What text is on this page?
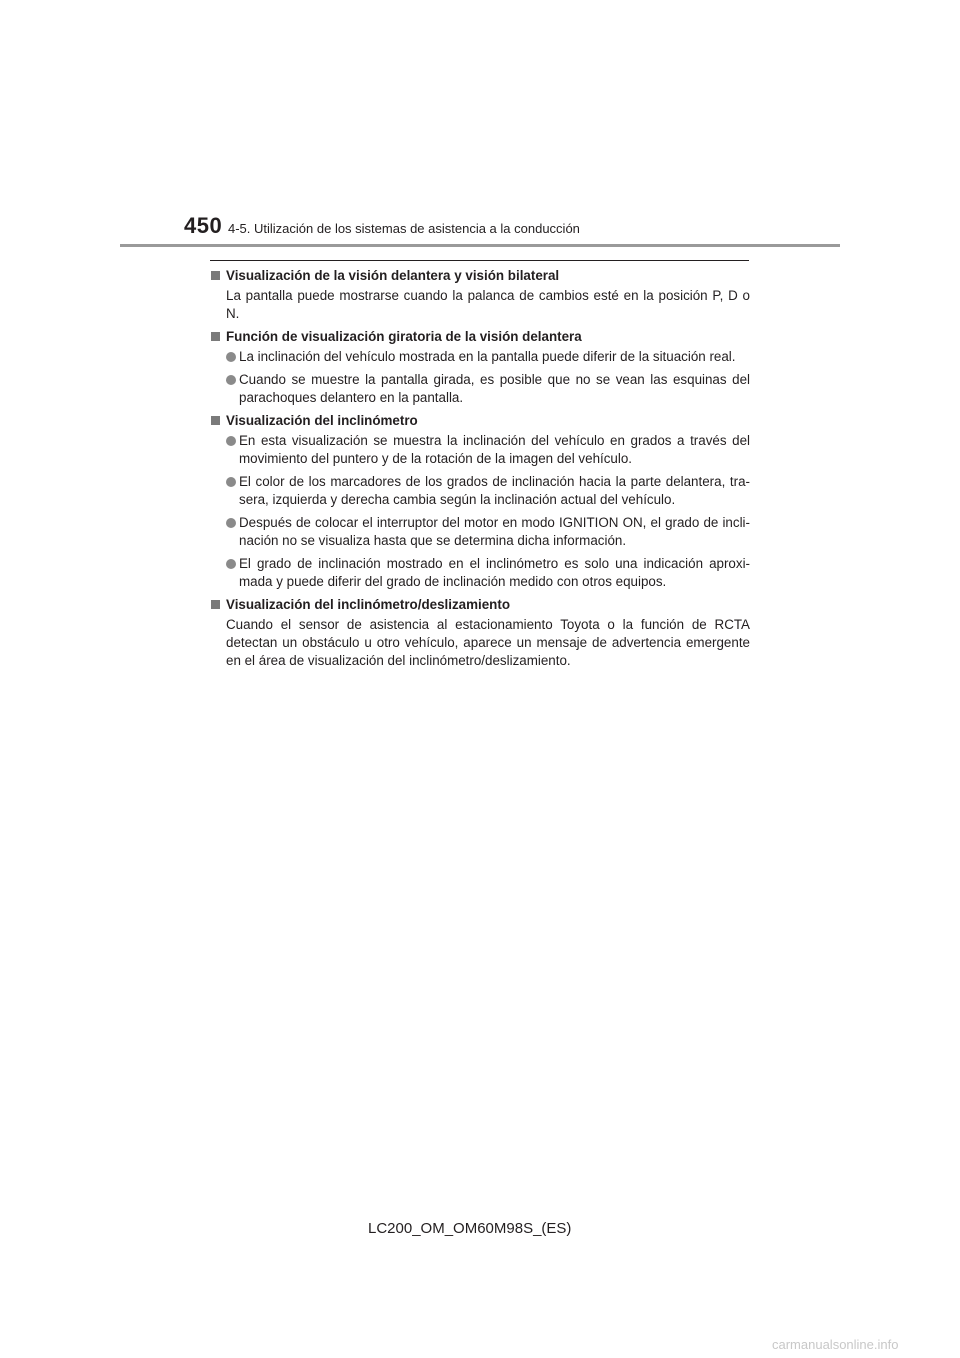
450 4-5. Utilización de los sistemas de asistencia a la conducción
Visualización de la visión delantera y visión bilateral
La pantalla puede mostrarse cuando la palanca de cambios esté en la posición P, D o N.
Función de visualización giratoria de la visión delantera
La inclinación del vehículo mostrada en la pantalla puede diferir de la situación real.
Cuando se muestre la pantalla girada, es posible que no se vean las esquinas del parachoques delantero en la pantalla.
Visualización del inclinómetro
En esta visualización se muestra la inclinación del vehículo en grados a través del movimiento del puntero y de la rotación de la imagen del vehículo.
El color de los marcadores de los grados de inclinación hacia la parte delantera, tra-sera, izquierda y derecha cambia según la inclinación actual del vehículo.
Después de colocar el interruptor del motor en modo IGNITION ON, el grado de incli-nación no se visualiza hasta que se determina dicha información.
El grado de inclinación mostrado en el inclinómetro es solo una indicación aproxi-mada y puede diferir del grado de inclinación medido con otros equipos.
Visualización del inclinómetro/deslizamiento
Cuando el sensor de asistencia al estacionamiento Toyota o la función de RCTA detectan un obstáculo u otro vehículo, aparece un mensaje de advertencia emergente en el área de visualización del inclinómetro/deslizamiento.
LC200_OM_OM60M98S_(ES)
carmanualsonline.info
